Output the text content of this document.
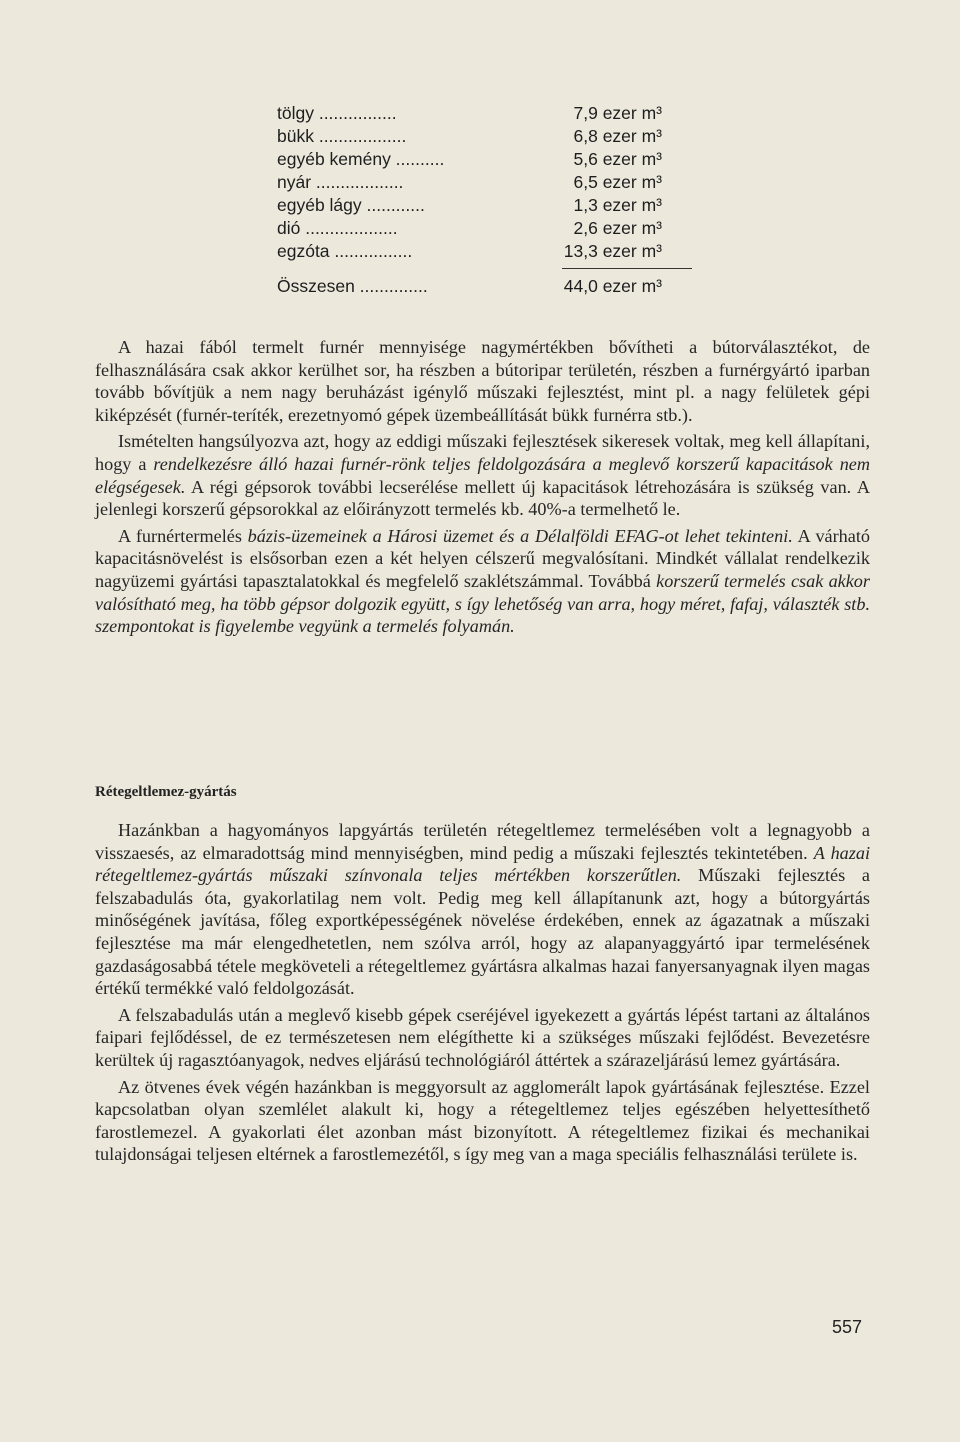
tölgy ................	7,9 ezer m³
bükk ..................	6,8 ezer m³
egyéb kemény ..........	5,6 ezer m³
nyár ..................	6,5 ezer m³
egyéb lágy ............	1,3 ezer m³
dió ...................	2,6 ezer m³
egzóta ................	13,3 ezer m³
Összesen ..............	44,0 ezer m³

A hazai fából termelt furnér mennyisége nagymértékben bővítheti a bútorválasztékot, de felhasználására csak akkor kerülhet sor, ha részben a bútoripar területén, részben a furnérgyártó iparban tovább bővítjük a nem nagy beruházást igénylő műszaki fejlesztést, mint pl. a nagy felületek gépi kiképzését (furnér-teríték, erezetnyomó gépek üzembeállítását bükk furnérra stb.).

Ismételten hangsúlyozva azt, hogy az eddigi műszaki fejlesztések sikeresek voltak, meg kell állapítani, hogy a rendelkezésre álló hazai furnér-rönk teljes feldolgozására a meglevő korszerű kapacitások nem elégségesek. A régi gépsorok további lecserélése mellett új kapacitások létrehozására is szükség van. A jelenlegi korszerű gépsorokkal az előirányzott termelés kb. 40%-a termelhető le.

A furnértermelés bázis-üzemeinek a Hárosi üzemet és a Délalföldi EFAG-ot lehet tekinteni. A várható kapacitásnövelést is elsősorban ezen a két helyen célszerű megvalósítani. Mindkét vállalat rendelkezik nagyüzemi gyártási tapasztalatokkal és megfelelő szaklétszámmal. Továbbá korszerű termelés csak akkor valósítható meg, ha több gépsor dolgozik együtt, s így lehetőség van arra, hogy méret, fafaj, választék stb. szempontokat is figyelembe vegyünk a termelés folyamán.

Rétegeltlemez-gyártás

Hazánkban a hagyományos lapgyártás területén rétegeltlemez termelésében volt a legnagyobb a visszaesés, az elmaradottság mind mennyiségben, mind pedig a műszaki fejlesztés tekintetében. A hazai rétegeltlemez-gyártás műszaki színvonala teljes mértékben korszerűtlen. Műszaki fejlesztés a felszabadulás óta, gyakorlatilag nem volt. Pedig meg kell állapítanunk azt, hogy a bútorgyártás minőségének javítása, főleg exportképességének növelése érdekében, ennek az ágazatnak a műszaki fejlesztése ma már elengedhetetlen, nem szólva arról, hogy az alapanyaggyártó ipar termelésének gazdaságosabbá tétele megköveteli a rétegeltlemez gyártásra alkalmas hazai fanyersanyagnak ilyen magas értékű termékké való feldolgozását.

A felszabadulás után a meglevő kisebb gépek cseréjével igyekezett a gyártás lépést tartani az általános faipari fejlődéssel, de ez természetesen nem elégíthette ki a szükséges műszaki fejlődést. Bevezetésre kerültek új ragasztóanyagok, nedves eljárású technológiáról áttértek a szárazeljárású lemez gyártására.

Az ötvenes évek végén hazánkban is meggyorsult az agglomerált lapok gyártásának fejlesztése. Ezzel kapcsolatban olyan szemlélet alakult ki, hogy a rétegeltlemez teljes egészében helyettesíthető farostlemezel. A gyakorlati élet azonban mást bizonyított. A rétegeltlemez fizikai és mechanikai tulajdonságai teljesen eltérnek a farostlemezétől, s így meg van a maga speciális felhasználási területe is.

557
